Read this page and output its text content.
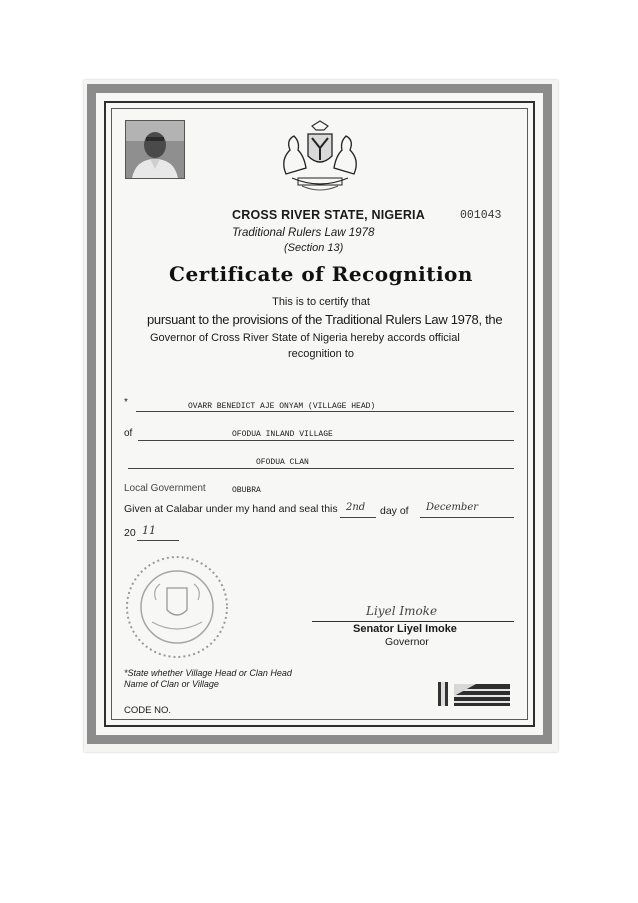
CROSS RIVER STATE, NIGERIA	001043
Traditional Rulers Law 1978
(Section 13)
Certificate of Recognition
This is to certify that
pursuant to the provisions of the Traditional Rulers Law 1978, the
Governor of Cross River State of Nigeria hereby accords official
recognition to
*	OVARR BENEDICT AJE ONYAM (VILLAGE HEAD)
of	OFODUA INLAND VILLAGE
OFODUA CLAN
Local Government	OBUBRA
Given at Calabar under my hand and seal this 2nd day of December
20 11
Liyel Imoke
Senator Liyel Imoke
Governor
*State whether Village Head or Clan Head
Name of Clan or Village
CODE NO.
